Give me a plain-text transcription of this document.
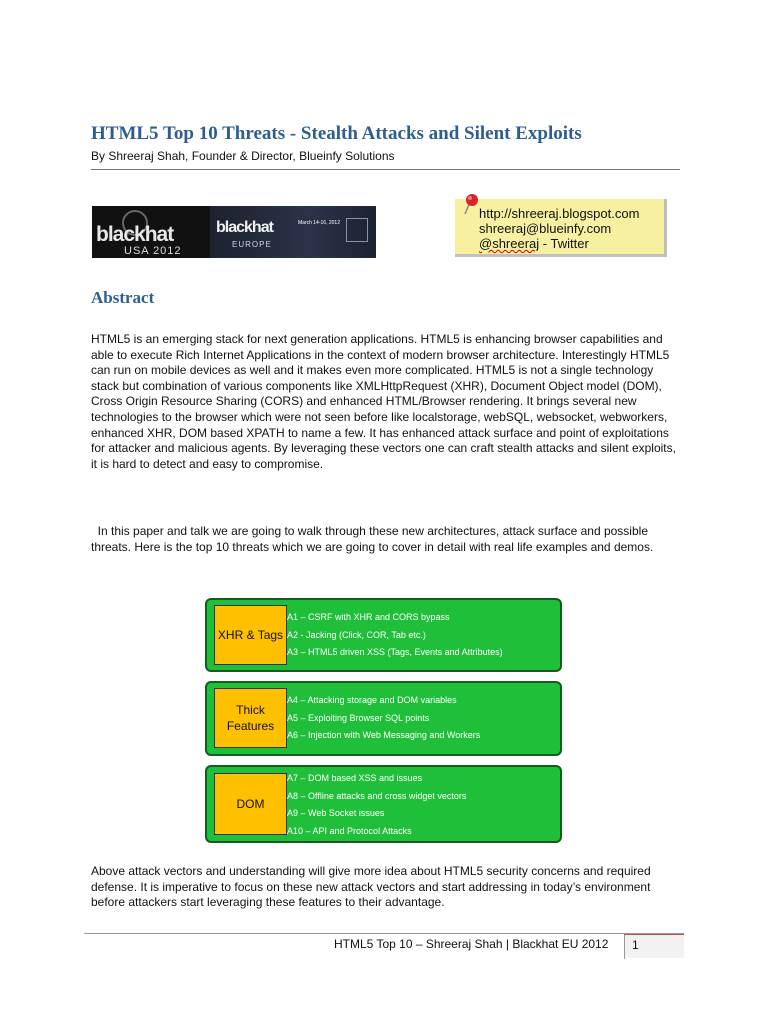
HTML5 Top 10 Threats - Stealth Attacks and Silent Exploits
By Shreeraj Shah, Founder & Director, Blueinfy Solutions
blackhat
USA 2012
blackhat
EUROPE
March 14-16, 2012
http://shreeraj.blogspot.com
shreeraj@blueinfy.com
@shreeraj - Twitter
Abstract
HTML5 is an emerging stack for next generation applications. HTML5 is enhancing browser capabilities and able to execute Rich Internet Applications in the context of modern browser architecture. Interestingly HTML5 can run on mobile devices as well and it makes even more complicated. HTML5 is not a single technology stack but combination of various components like XMLHttpRequest (XHR), Document Object model (DOM), Cross Origin Resource Sharing (CORS) and enhanced HTML/Browser rendering. It brings several new technologies to the browser which were not seen before like localstorage, webSQL, websocket, webworkers, enhanced XHR, DOM based XPATH to name a few. It has enhanced attack surface and point of exploitations for attacker and malicious agents. By leveraging these vectors one can craft stealth attacks and silent exploits, it is hard to detect and easy to compromise.
In this paper and talk we are going to walk through these new architectures, attack surface and possible threats. Here is the top 10 threats which we are going to cover in detail with real life examples and demos.
XHR & Tags
A1 – CSRF with XHR and CORS bypass
A2 - Jacking (Click, COR, Tab etc.)
A3 – HTML5 driven XSS (Tags, Events and Attributes)
Thick
Features
A4 – Attacking storage and DOM variables
A5 – Exploiting Browser SQL points
A6 – Injection with Web Messaging and Workers
DOM
A7 – DOM based XSS and issues
A8 – Offline attacks and cross widget vectors
A9 – Web Socket issues
A10 – API and Protocol Attacks
Above attack vectors and understanding will give more idea about HTML5 security concerns and required defense. It is imperative to focus on these new attack vectors and start addressing in today’s environment before attackers start leveraging these features to their advantage.
HTML5 Top 10 – Shreeraj Shah | Blackhat EU 2012 1
